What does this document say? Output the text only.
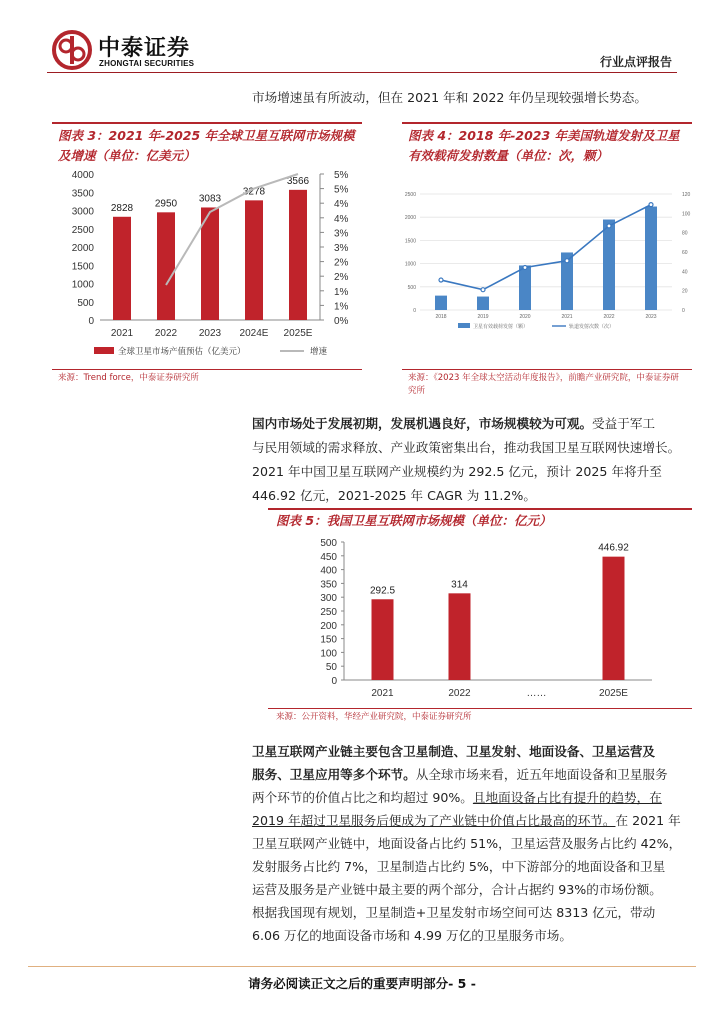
中泰证券
ZHONGTAI SECURITIES	行业点评报告
市场增速虽有所波动，但在 2021 年和 2022 年仍呈现较强增长势态。
图表 3：2021 年-2025 年全球卫星互联网市场规模及增速（单位：亿美元）
2828 2950 3083
3278
3566
4000
3500
3000
2500
2000
1500
1000
500
0
5%
5%
4%
4%
3%
3%
2%
2%
1%
1%
0%
2021 2022 2023 2024E 2025E
全球卫星市场产值预估（亿美元）	增速
来源：Trend force，中泰证券研究所
图表 4：2018 年-2023 年美国轨道发射及卫星有效载荷发射数量（单位：次，颗）
2500
2000
1500
1000
500
0
120
100
80
60
40
20
0
2018	2019	2020	2021	2022	2023
卫星有效载荷发射（颗）	轨道发射次数（次）
来源：《2023 年全球太空活动年度报告》，前瞻产业研究院，中泰证券研究所
国内市场处于发展初期，发展机遇良好，市场规模较为可观。受益于军工
与民用领域的需求释放、产业政策密集出台，推动我国卫星互联网快速增长。
2021 年中国卫星互联网产业规模约为 292.5 亿元，预计 2025 年将升至
446.92 亿元，2021-2025 年 CAGR 为 11.2%。
图表 5：我国卫星互联网市场规模（单位：亿元）
500
450
400
350
300
250
200
150
100
50
0
292.5
314
446.92
2021	2022	……	2025E
来源：公开资料，华经产业研究院，中泰证券研究所
卫星互联网产业链主要包含卫星制造、卫星发射、地面设备、卫星运营及
服务、卫星应用等多个环节。从全球市场来看，近五年地面设备和卫星服务
两个环节的价值占比之和均超过 90%。且地面设备占比有提升的趋势，在
2019 年超过卫星服务后便成为了产业链中价值占比最高的环节。在 2021 年
卫星互联网产业链中，地面设备占比约 51%，卫星运营及服务占比约 42%，
发射服务占比约 7%，卫星制造占比约 5%，中下游部分的地面设备和卫星
运营及服务是产业链中最主要的两个部分，合计占据约 93%的市场份额。
根据我国现有规划，卫星制造+卫星发射市场空间可达 8313 亿元，带动
6.06 万亿的地面设备市场和 4.99 万亿的卫星服务市场。
请务必阅读正文之后的重要声明部分- 5 -
